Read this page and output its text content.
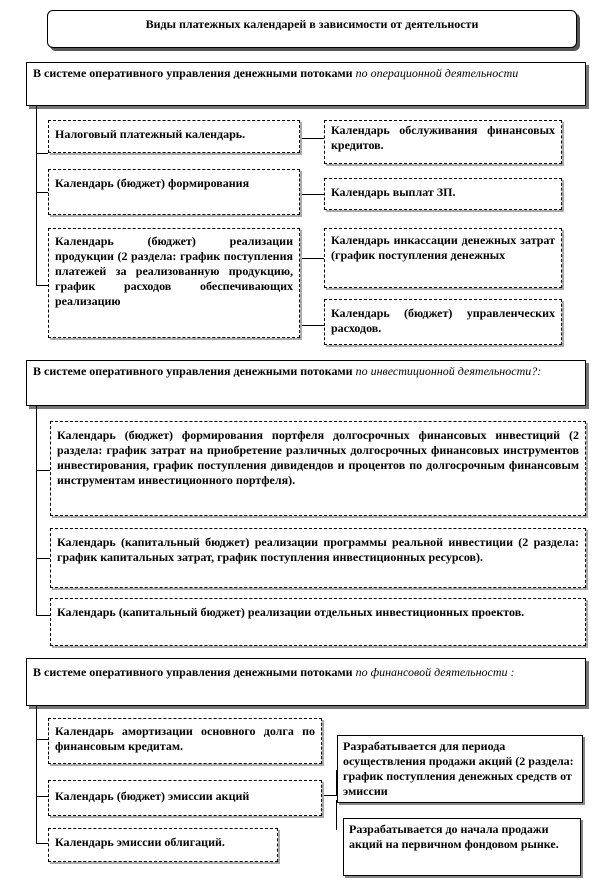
Виды платежных календарей в зависимости от деятельности
В системе оперативного управления денежными потоками по операционной деятельности
Налоговый платежный календарь.
Календарь (бюджет) формирования
Календарь (бюджет) реализации продукции (2 раздела: график поступления платежей за реализованную продукцию, график расходов обеспечивающих реализацию
Календарь обслуживания финансовых кредитов.
Календарь выплат ЗП.
Календарь инкассации денежных затрат (график поступления денежных
Календарь (бюджет) управленческих расходов.
В системе оперативного управления денежными потоками по инвестиционной деятельности?:
Календарь (бюджет) формирования портфеля долгосрочных финансовых инвестиций (2 раздела: график затрат на приобретение различных долгосрочных финансовых инструментов инвестирования, график поступления дивидендов и процентов по долгосрочным финансовым инструментам инвестиционного портфеля).
Календарь (капитальный бюджет) реализации программы реальной инвестиции (2 раздела: график капитальных затрат, график поступления инвестиционных ресурсов).
Календарь (капитальный бюджет) реализации отдельных инвестиционных проектов.
В системе оперативного управления денежными потоками по финансовой деятельности :
Календарь амортизации основного долга по финансовым кредитам.
Календарь (бюджет) эмиссии акций
Календарь эмиссии облигаций.
Разрабатывается для периода осуществления продажи акций (2 раздела: график поступления денежных средств от эмиссии
Разрабатывается до начала продажи акций на первичном фондовом рынке.
